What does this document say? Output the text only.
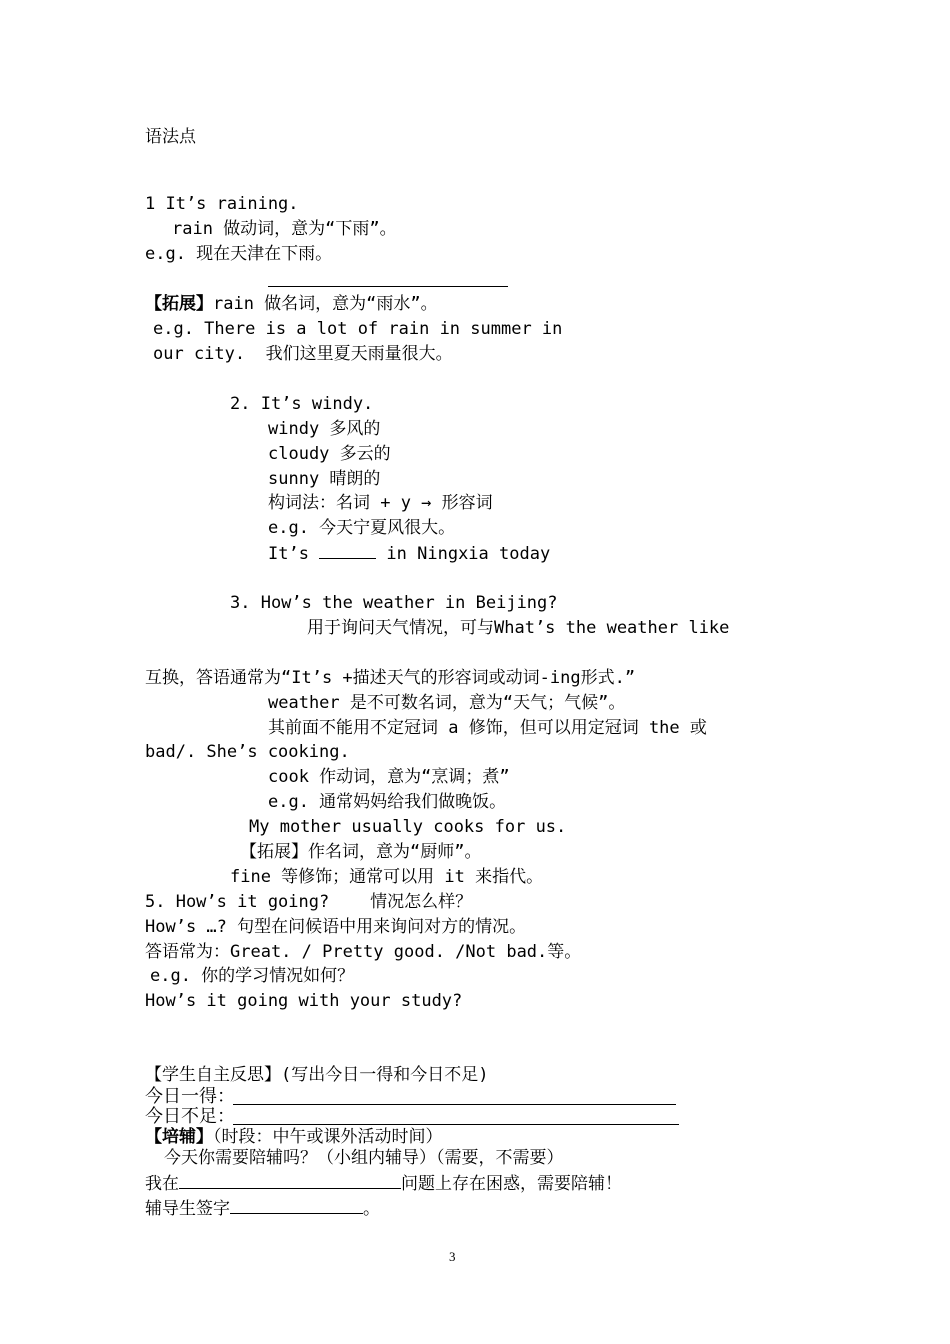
语法点
1 It’s raining.
rain 做动词，意为“下雨”。
e.g. 现在天津在下雨。
【拓展】rain 做名词，意为“雨水”。
e.g. There is a lot of rain in summer in
our city.  我们这里夏天雨量很大。
2. It’s windy.
windy 多风的
cloudy 多云的
sunny 晴朗的
构词法：名词 + y → 形容词
e.g. 今天宁夏风很大。
It’s	in Ningxia today
3. How’s the weather in Beijing?
用于询问天气情况，可与What’s the weather like
互换，答语通常为“It’s +描述天气的形容词或动词-ing形式.”
weather 是不可数名词，意为“天气；气候”。
其前面不能用不定冠词 a 修饰，但可以用定冠词 the 或
bad/. She’s cooking.
cook 作动词，意为“烹调；煮”
e.g. 通常妈妈给我们做晚饭。
My mother usually cooks for us.
【拓展】作名词，意为“厨师”。
fine 等修饰；通常可以用 it 来指代。
5. How’s it going?    情况怎么样？
How’s …? 句型在问候语中用来询问对方的情况。
答语常为：Great. / Pretty good. /Not bad.等。
e.g. 你的学习情况如何？
How’s it going with your study?
【学生自主反思】(写出今日一得和今日不足)
今日一得：
今日不足：
【培辅】（时段：中午或课外活动时间）
今天你需要陪辅吗？（小组内辅导）（需要，不需要）
我在	问题上存在困惑，需要陪辅！
辅导生签字	。
3
